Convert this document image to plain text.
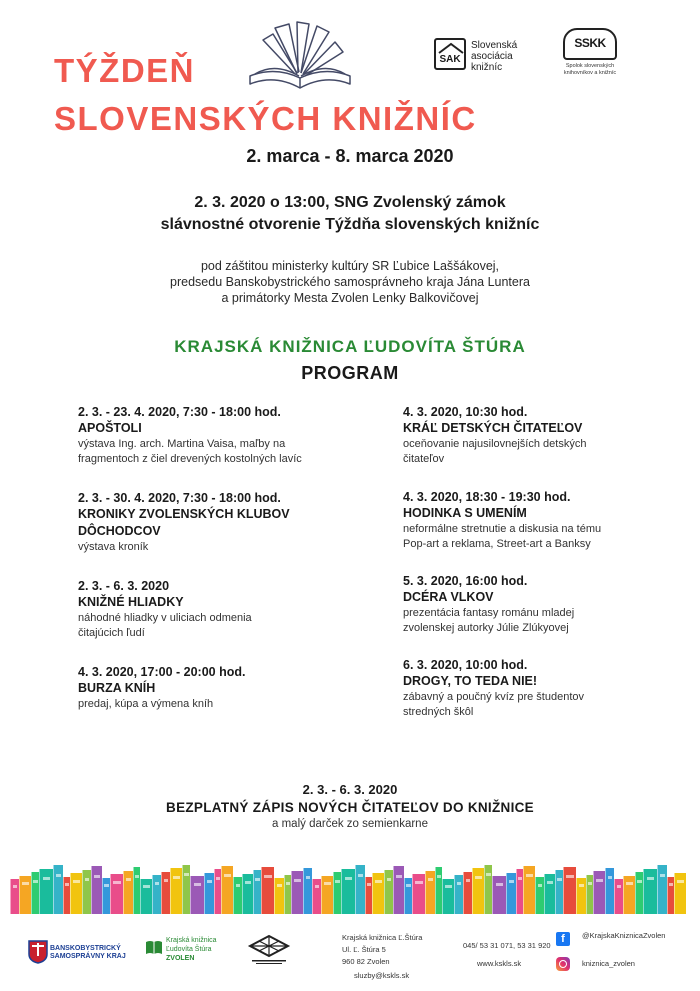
TÝŽDEŇ
SLOVENSKÝCH KNIŽNÍC
SAK
Slovenská
asociácia
knižníc
SSKK
Spolok slovenských
knihovníkov a knižníc
2. marca - 8. marca 2020
2. 3. 2020 o 13:00, SNG Zvolenský zámok
slávnostné otvorenie Týždňa slovenských knižníc
pod záštitou ministerky kultúry SR Ľubice Laššákovej,
predsedu Banskobystrického samosprávneho kraja Jána Luntera
a primátorky Mesta Zvolen Lenky Balkovičovej
KRAJSKÁ KNIŽNICA ĽUDOVÍTA ŠTÚRA
PROGRAM
2. 3. - 23. 4. 2020, 7:30 - 18:00 hod.
APOŠTOLI
výstava Ing. arch. Martina Vaisa, maľby na
fragmentoch z čiel drevených kostolných lavíc
2. 3. - 30. 4. 2020, 7:30 - 18:00 hod.
KRONIKY ZVOLENSKÝCH KLUBOV
DÔCHODCOV
výstava kroník
2. 3. - 6. 3. 2020
KNIŽNÉ HLIADKY
náhodné hliadky v uliciach odmenia
čitajúcich ľudí
4. 3. 2020, 17:00 - 20:00 hod.
BURZA KNÍH
predaj, kúpa a výmena kníh
4. 3. 2020, 10:30 hod.
KRÁĽ DETSKÝCH ČITATEĽOV
oceňovanie najusilovnejších detských
čitateľov
4. 3. 2020, 18:30 - 19:30 hod.
HODINKA S UMENÍM
neformálne stretnutie a diskusia na tému
Pop-art a reklama, Street-art a Banksy
5. 3. 2020, 16:00 hod.
DCÉRA VLKOV
prezentácia fantasy románu mladej
zvolenskej autorky Júlie Zlúkyovej
6. 3. 2020, 10:00 hod.
DROGY, TO TEDA NIE!
zábavný a poučný kvíz pre študentov
stredných škôl
2. 3. - 6. 3. 2020
BEZPLATNÝ ZÁPIS NOVÝCH ČITATEĽOV DO KNIŽNICE
a malý darček zo semienkarne
BANSKOBYSTRICKÝ
SAMOSPRÁVNY KRAJ
Krajská knižnica
Ľudovíta Štúra
ZVOLEN
Krajská knižnica Ľ.Štúra
Ul. Ľ. Štúra 5
960 82 Zvolen
sluzby@kskls.sk
045/ 53 31 071, 53 31 920
www.kskls.sk
f	@KrajskaKniznicaZvolen
kniznica_zvolen
